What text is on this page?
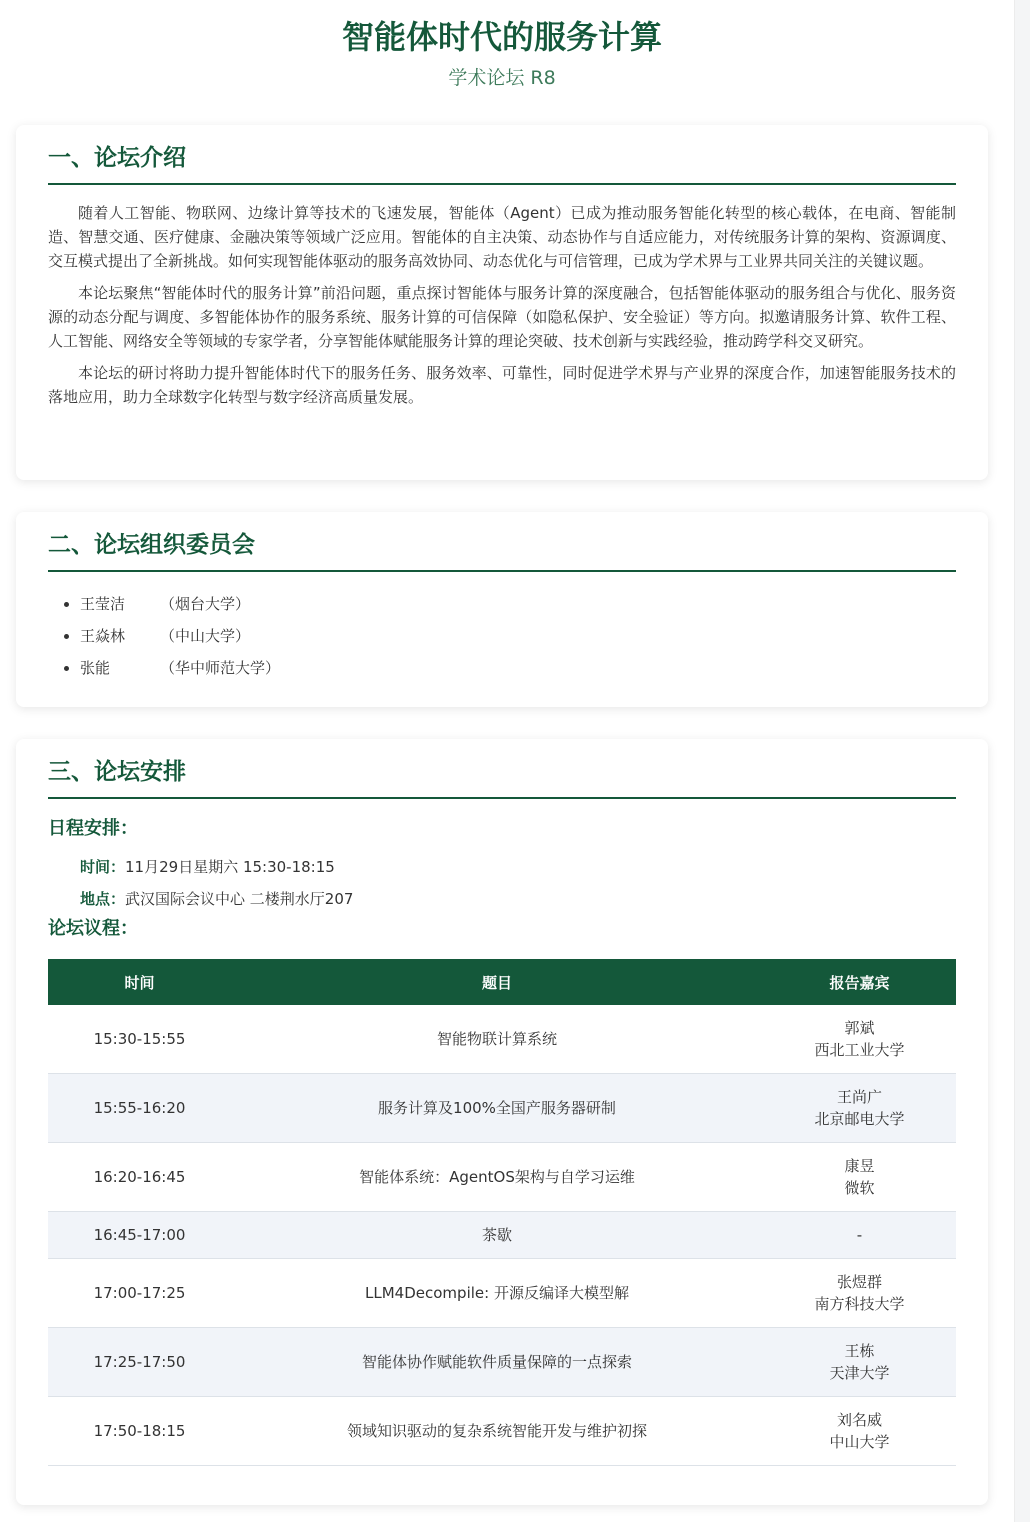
智能体时代的服务计算
学术论坛 R8
一、论坛介绍

随着人工智能、物联网、边缘计算等技术的飞速发展，智能体（Agent）已成为推动服务智能化转型的核心载体，在电商、智能制造、智慧交通、医疗健康、金融决策等领域广泛应用。智能体的自主决策、动态协作与自适应能力，对传统服务计算的架构、资源调度、交互模式提出了全新挑战。如何实现智能体驱动的服务高效协同、动态优化与可信管理，已成为学术界与工业界共同关注的关键议题。

本论坛聚焦“智能体时代的服务计算”前沿问题，重点探讨智能体与服务计算的深度融合，包括智能体驱动的服务组合与优化、服务资源的动态分配与调度、多智能体协作的服务系统、服务计算的可信保障（如隐私保护、安全验证）等方向。拟邀请服务计算、软件工程、人工智能、网络安全等领域的专家学者，分享智能体赋能服务计算的理论突破、技术创新与实践经验，推动跨学科交叉研究。

本论坛的研讨将助力提升智能体时代下的服务任务、服务效率、可靠性，同时促进学术界与产业界的深度合作，加速智能服务技术的落地应用，助力全球数字化转型与数字经济高质量发展。

二、论坛组织委员会
• 王莹洁 （烟台大学）
• 王焱林 （中山大学）
• 张能	（华中师范大学）
三、论坛安排
日程安排：
时间：11月29日星期六 15:30-18:15
地点：武汉国际会议中心 二楼荆水厅207
论坛议程：
时间	题目	报告嘉宾
15:30-15:55	智能物联计算系统	郭斌
西北工业大学

15:55-16:20	服务计算及100%全国产服务器研制	王尚广
北京邮电大学

16:20-16:45	智能体系统：AgentOS架构与自学习运维	康昱
微软

16:45-17:00	茶歇	-

17:00-17:25	LLM4Decompile: 开源反编译大模型解	张煜群
南方科技大学

17:25-17:50	智能体协作赋能软件质量保障的一点探索	王栋
天津大学

17:50-18:15	领域知识驱动的复杂系统智能开发与维护初探	刘名威
中山大学
